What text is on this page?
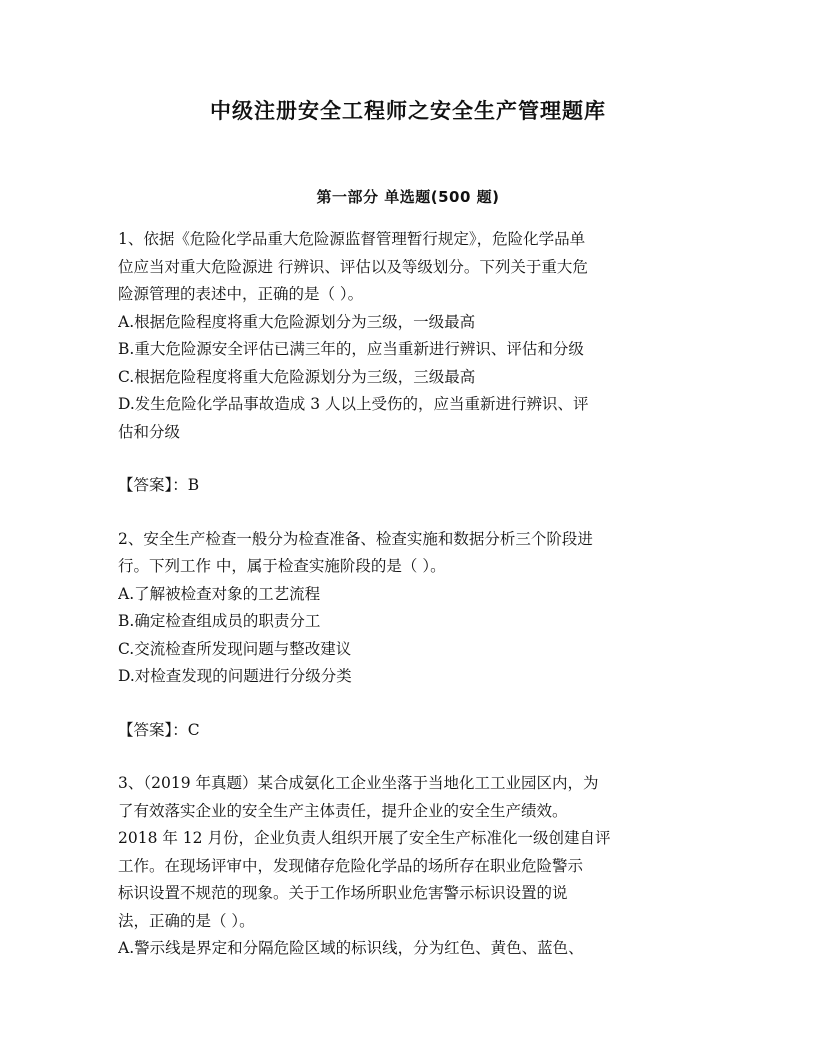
中级注册安全工程师之安全生产管理题库
第一部分 单选题(500 题)
1、依据《危险化学品重大危险源监督管理暂行规定》，危险化学品单
位应当对重大危险源进 行辨识、评估以及等级划分。下列关于重大危
险源管理的表述中，正确的是（ ）。
A.根据危险程度将重大危险源划分为三级，一级最高
B.重大危险源安全评估已满三年的，应当重新进行辨识、评估和分级
C.根据危险程度将重大危险源划分为三级，三级最高
D.发生危险化学品事故造成 3 人以上受伤的，应当重新进行辨识、评
估和分级
【答案】：B
2、安全生产检查一般分为检查准备、检查实施和数据分析三个阶段进
行。下列工作 中，属于检查实施阶段的是（ ）。
A.了解被检查对象的工艺流程
B.确定检查组成员的职责分工
C.交流检查所发现问题与整改建议
D.对检查发现的问题进行分级分类
【答案】：C
3、（2019 年真题）某合成氨化工企业坐落于当地化工工业园区内，为
了有效落实企业的安全生产主体责任，提升企业的安全生产绩效。
2018 年 12 月份，企业负责人组织开展了安全生产标准化一级创建自评
工作。在现场评审中，发现储存危险化学品的场所存在职业危险警示
标识设置不规范的现象。关于工作场所职业危害警示标识设置的说
法，正确的是（ ）。
A.警示线是界定和分隔危险区域的标识线，分为红色、黄色、蓝色、
